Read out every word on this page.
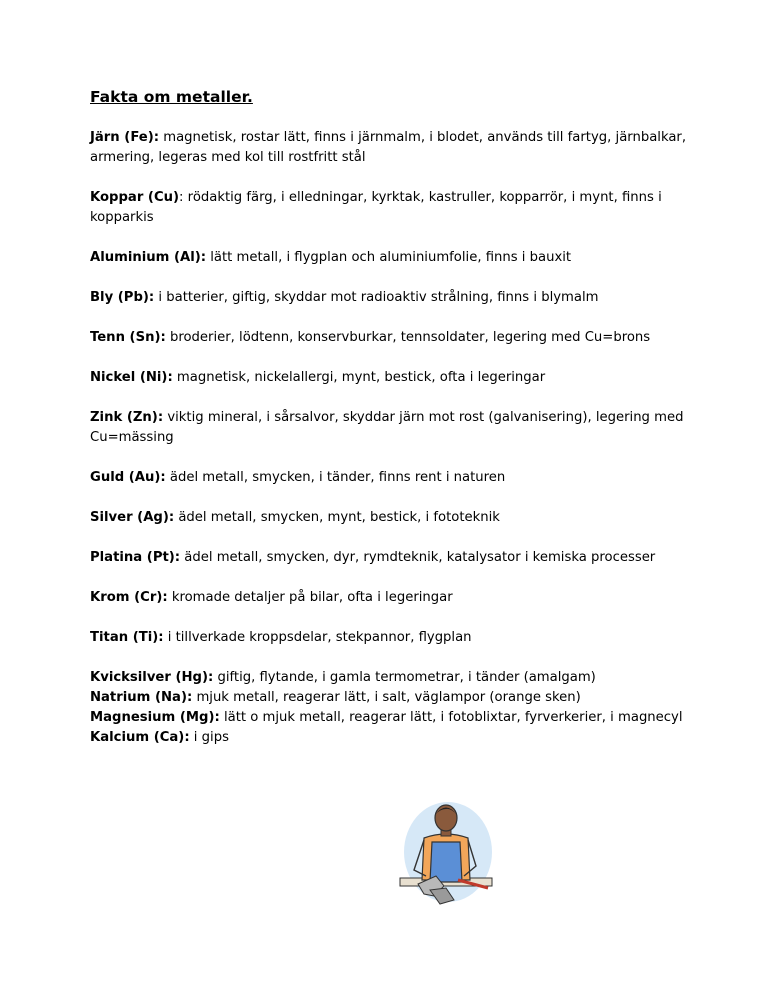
Fakta om metaller.
Järn (Fe): magnetisk, rostar lätt, finns i järnmalm, i blodet, används till fartyg, järnbalkar, armering, legeras med kol till rostfritt stål
Koppar (Cu): rödaktig färg, i elledningar, kyrktak, kastruller, kopparrör, i mynt, finns i kopparkis
Aluminium (Al): lätt metall, i flygplan och aluminiumfolie, finns i bauxit
Bly (Pb): i batterier, giftig, skyddar mot radioaktiv strålning, finns i blymalm
Tenn (Sn): broderier, lödtenn, konservburkar, tennsoldater, legering med Cu=brons
Nickel (Ni): magnetisk, nickelallergi, mynt, bestick, ofta i legeringar
Zink (Zn): viktig mineral, i sårsalvor, skyddar järn mot rost (galvanisering), legering med Cu=mässing
Guld (Au): ädel metall, smycken, i tänder, finns rent i naturen
Silver (Ag): ädel metall, smycken, mynt, bestick, i fototeknik
Platina (Pt): ädel metall, smycken, dyr, rymdteknik, katalysator i kemiska processer
Krom (Cr): kromade detaljer på bilar, ofta i legeringar
Titan (Ti): i tillverkade kroppsdelar, stekpannor, flygplan
Kvicksilver (Hg): giftig, flytande, i gamla termometrar, i tänder (amalgam)
Natrium (Na): mjuk metall, reagerar lätt, i salt, väglampor (orange sken)
Magnesium (Mg): lätt o mjuk metall, reagerar lätt, i fotoblixtar, fyrverkerier, i magnecyl
Kalcium (Ca): i gips
